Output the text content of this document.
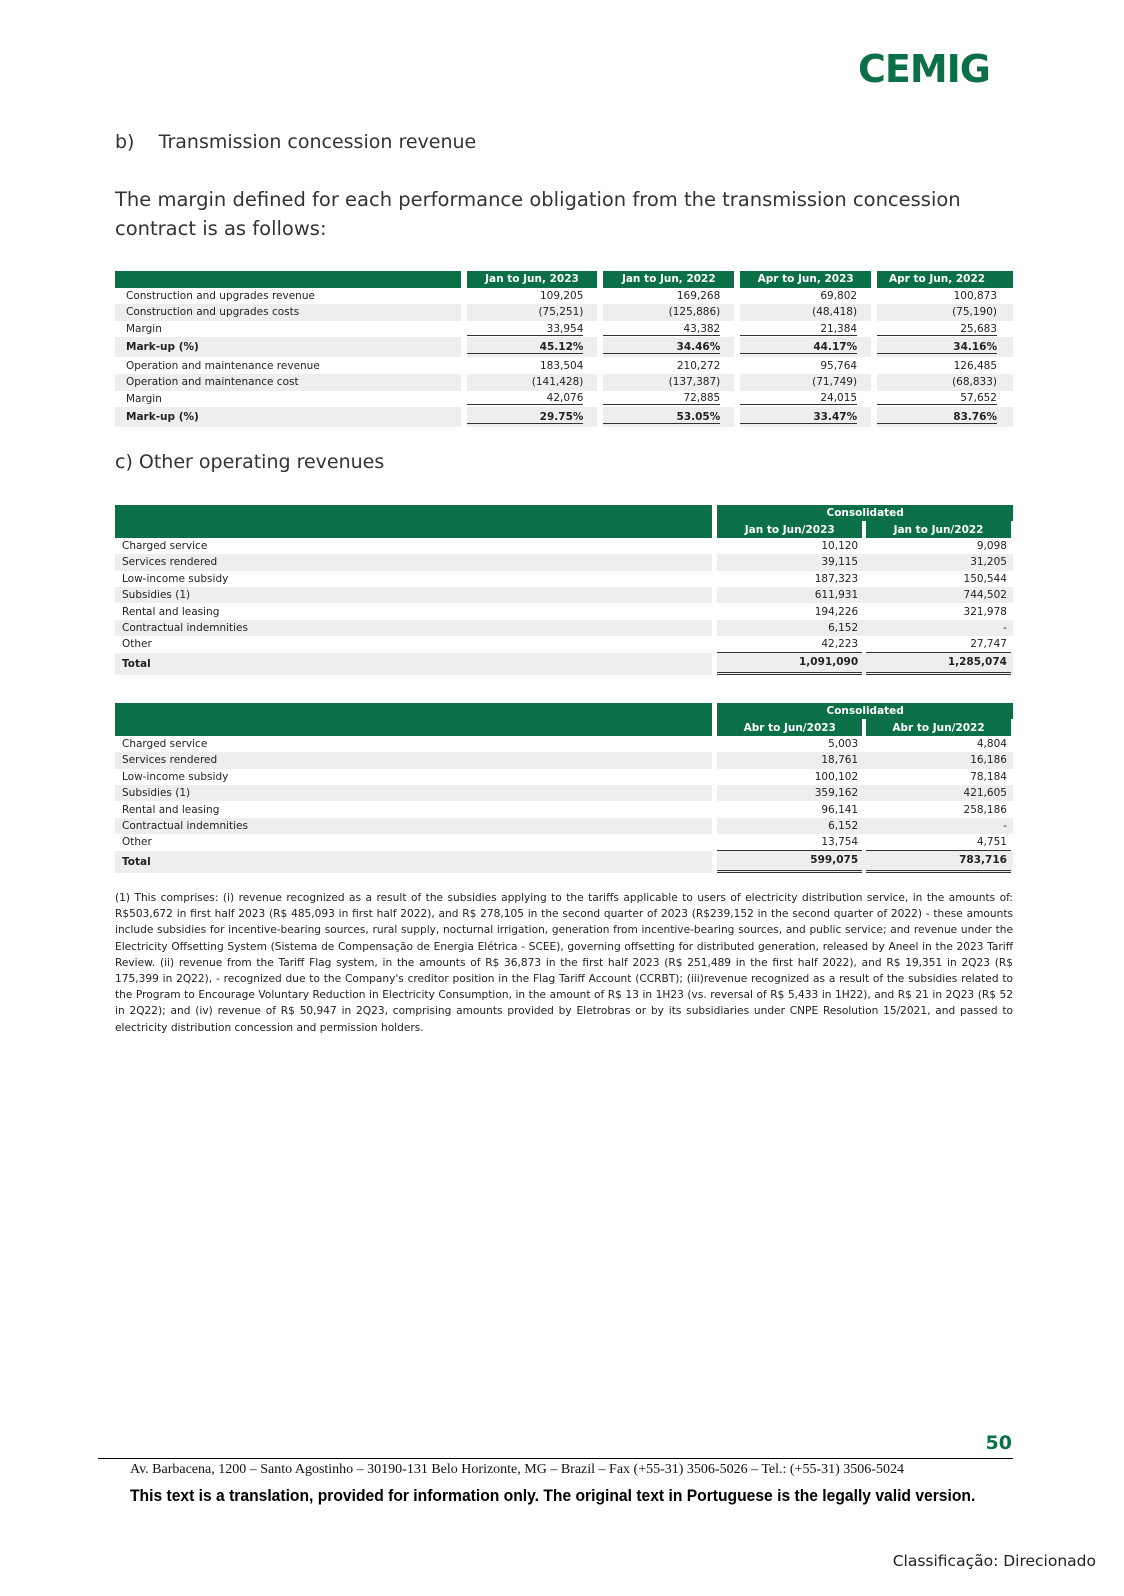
CEMIG
b)    Transmission concession revenue
The margin defined for each performance obligation from the transmission concession contract is as follows:
		Jan to Jun, 2023		Jan to Jun, 2022		Apr to Jun, 2023		Apr to Jun, 2022
Construction and upgrades revenue		109,205		169,268		69,802		100,873
Construction and upgrades costs		(75,251)		(125,886)		(48,418)		(75,190)
Margin		33,954		43,382		21,384		25,683

Mark-up (%)		45.12%		34.46%		44.17%		34.16%

Operation and maintenance revenue		183,504		210,272		95,764		126,485
Operation and maintenance cost		(141,428)		(137,387)		(71,749)		(68,833)
Margin		42,076		72,885		24,015		57,652

Mark-up (%)		29.75%		53.05%		33.47%		83.76%
c) Other operating revenues
		Consolidated			
		Jan to Jun/2023		Jan to Jun/2022	
Charged service		10,120		9,098	
Services rendered		39,115		31,205	
Low-income subsidy		187,323		150,544	
Subsidies (1)		611,931		744,502	
Rental and leasing		194,226		321,978	
Contractual indemnities		6,152		-	
Other		42,223		27,747	
Total		1,091,090		1,285,074	
		Consolidated			
		Abr to Jun/2023		Abr to Jun/2022	
Charged service		5,003		4,804	
Services rendered		18,761		16,186	
Low-income subsidy		100,102		78,184	
Subsidies (1)		359,162		421,605	
Rental and leasing		96,141		258,186	
Contractual indemnities		6,152		-	
Other		13,754		4,751	
Total		599,075		783,716	
(1) This comprises: (i) revenue recognized as a result of the subsidies applying to the tariffs applicable to users of electricity distribution service, in the amounts of: R$503,672 in first half 2023 (R$ 485,093 in first half 2022), and R$ 278,105 in the second quarter of 2023 (R$239,152 in the second quarter of 2022) - these amounts include subsidies for incentive-bearing sources, rural supply, nocturnal irrigation, generation from incentive-bearing sources, and public service; and revenue under the Electricity Offsetting System (Sistema de Compensação de Energia Elétrica - SCEE), governing offsetting for distributed generation, released by Aneel in the 2023 Tariff Review. (ii) revenue from the Tariff Flag system, in the amounts of R$ 36,873 in the first half 2023 (R$ 251,489 in the first half 2022), and R$ 19,351 in 2Q23 (R$ 175,399 in 2Q22), - recognized due to the Company's creditor position in the Flag Tariff Account (CCRBT); (iii)revenue recognized as a result of the subsidies related to the Program to Encourage Voluntary Reduction in Electricity Consumption, in the amount of R$ 13 in 1H23 (vs. reversal of R$ 5,433 in 1H22), and R$ 21 in 2Q23 (R$ 52 in 2Q22); and (iv) revenue of R$ 50,947 in 2Q23, comprising amounts provided by Eletrobras or by its subsidiaries under CNPE Resolution 15/2021, and passed to electricity distribution concession and permission holders.
50
Av. Barbacena, 1200 – Santo Agostinho – 30190-131 Belo Horizonte, MG – Brazil – Fax (+55-31) 3506-5026 – Tel.: (+55-31) 3506-5024
This text is a translation, provided for information only. The original text in Portuguese is the legally valid version.
Classificação: Direcionado
